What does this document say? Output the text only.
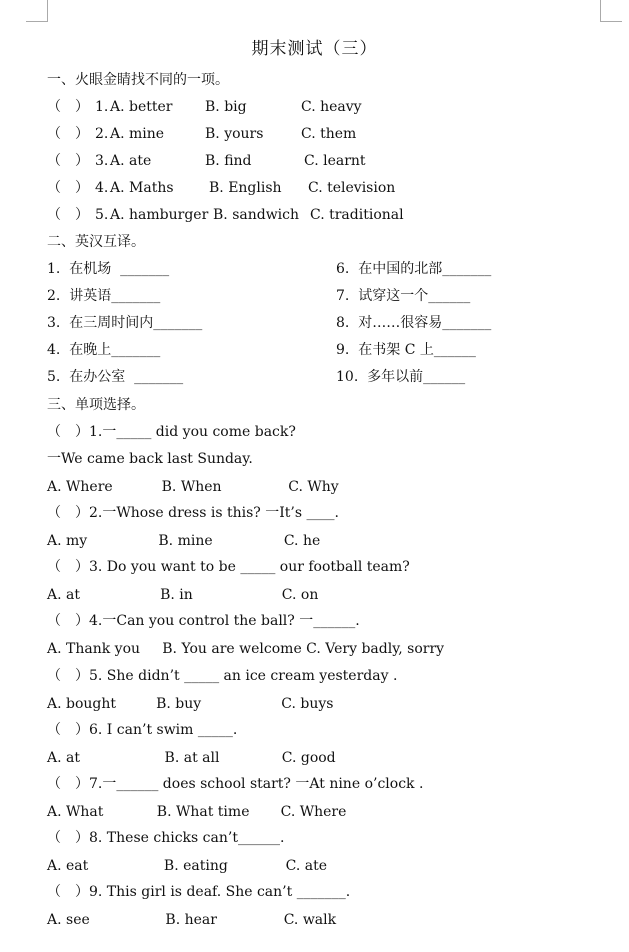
期末测试（三）
一、火眼金睛找不同的一项。
（　） 1. A. better B. big	C. heavy
（　） 2. A. mine	B. yours	C. them
（　） 3. A. ate	B. find	C. learnt
（　） 4. A. Maths	B. English C. television
（　） 5. A. hamburger B. sandwich C. traditional
二、英汉互译。
1.  在机场  _______
2.  讲英语_______
3.  在三周时间内_______
4.  在晚上_______
5.  在办公室  _______
6.  在中国的北部_______
7.  试穿这一个______
8.  对……很容易_______
9.  在书架 C 上______
10.  多年以前______
三、单项选择。
（　）1.一_____ did you come back?
一We came back last Sunday.
A. Where           B. When               C. Why
（　）2.一Whose dress is this? 一It’s ____.
A. my                B. mine                C. he
（　）3. Do you want to be _____ our football team?
A. at                  B. in                    C. on
（　）4.一Can you control the ball? 一______.
A. Thank you     B. You are welcome C. Very badly, sorry
（　）5. She didn’t _____ an ice cream yesterday .
A. bought         B. buy                  C. buys
（　）6. I can’t swim _____.
A. at                   B. at all              C. good
（　）7.一______ does school start? 一At nine o’clock .
A. What            B. What time       C. Where
（　）8. These chicks can’t______.
A. eat                 B. eating             C. ate
（　）9. This girl is deaf. She can’t _______.
A. see                 B. hear               C. walk
